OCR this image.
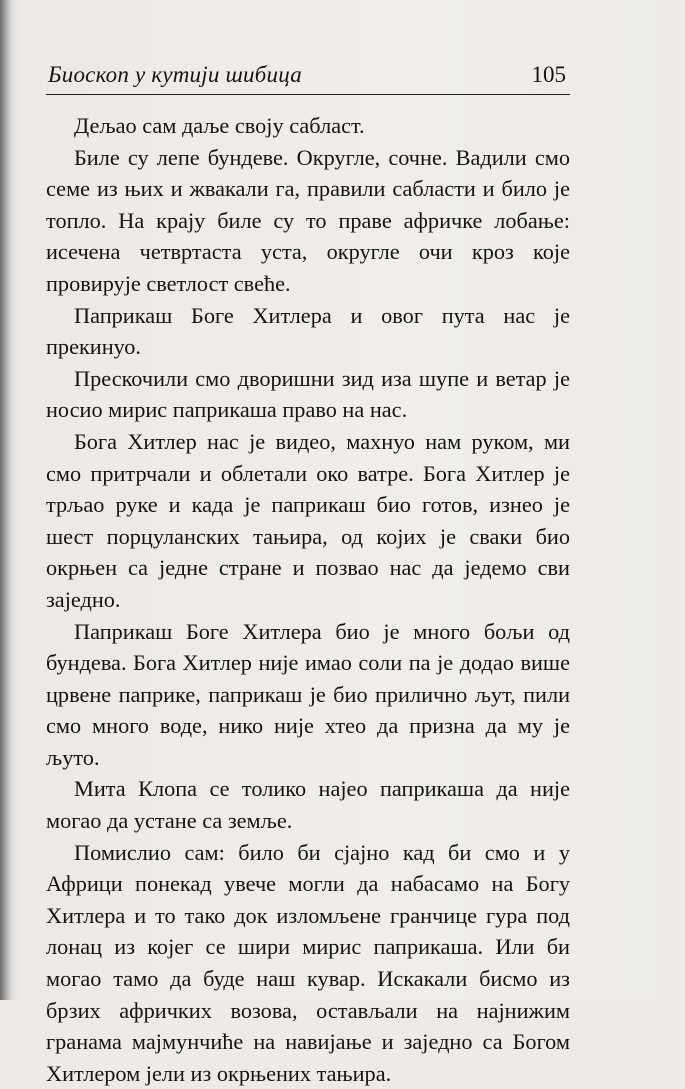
Биоскоп у кутији шибица	105

Дељао сам даље своју сабласт.

Биле су лепе бундеве. Округле, сочне. Вадили смо семе из њих и жвакали га, правили сабласти и било је топло. На крају биле су то праве афричке лобање: исечена четвртаста уста, округле очи кроз које провирује светлост свеће.

Паприкаш Боге Хитлера и овог пута нас је прекинуо.

Прескочили смо дворишни зид иза шупе и ветар је носио мирис паприкаша право на нас.

Бога Хитлер нас је видео, махнуо нам руком, ми смо притрчали и облетали око ватре. Бога Хитлер је трљао руке и када је паприкаш био готов, изнео је шест порцуланских тањира, од којих је сваки био окрњен са једне стране и позвао нас да једемо сви заједно.

Паприкаш Боге Хитлера био је много бољи од бундева. Бога Хитлер није имао соли па је додао више црвене паприке, паприкаш је био прилично љут, пили смо много воде, нико није хтео да призна да му је љуто.

Мита Клопа се толико најео паприкаша да није могао да устане са земље.

Помислио сам: било би сјајно кад би смо и у Африци понекад увече могли да набасамо на Богу Хитлера и то тако док изломљене гранчице гура под лонац из којег се шири мирис паприкаша. Или би могао тамо да буде наш кувар. Искакали бисмо из брзих афричких возова, остављали на најнижим гранама мајмунчиће на навијање и заједно са Богом Хитлером јели из окрњених тањира.
